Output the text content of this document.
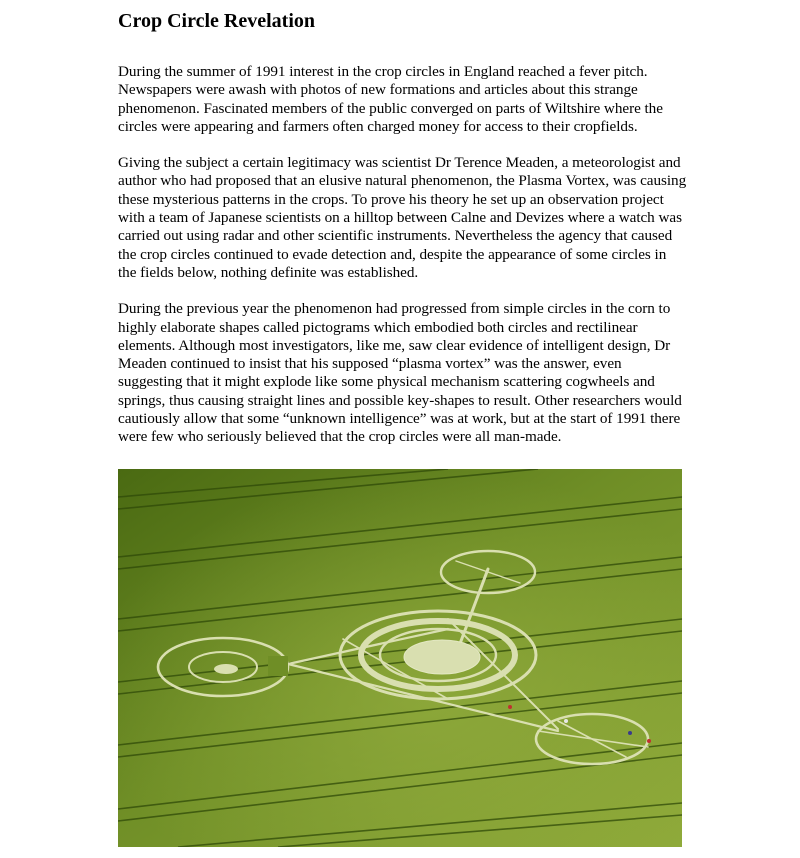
Crop Circle Revelation

During the summer of 1991 interest in the crop circles in England reached a fever pitch. Newspapers were awash with photos of new formations and articles about this strange phenomenon. Fascinated members of the public converged on parts of Wiltshire where the circles were appearing and farmers often charged money for access to their cropfields.

Giving the subject a certain legitimacy was scientist Dr Terence Meaden, a meteorologist and author who had proposed that an elusive natural phenomenon, the Plasma Vortex, was causing these mysterious patterns in the crops. To prove his theory he set up an observation project with a team of Japanese scientists on a hilltop between Calne and Devizes where a watch was carried out using radar and other scientific instruments. Nevertheless the agency that caused the crop circles continued to evade detection and, despite the appearance of some circles in the fields below, nothing definite was established.

During the previous year the phenomenon had progressed from simple circles in the corn to highly elaborate shapes called pictograms which embodied both circles and rectilinear elements. Although most investigators, like me, saw clear evidence of intelligent design, Dr Meaden continued to insist that his supposed “plasma vortex” was the answer, even suggesting that it might explode like some physical mechanism scattering cogwheels and springs, thus causing straight lines and possible key-shapes to result. Other researchers would cautiously allow that some “unknown intelligence” was at work, but at the start of 1991 there were few who seriously believed that the crop circles were all man-made.
